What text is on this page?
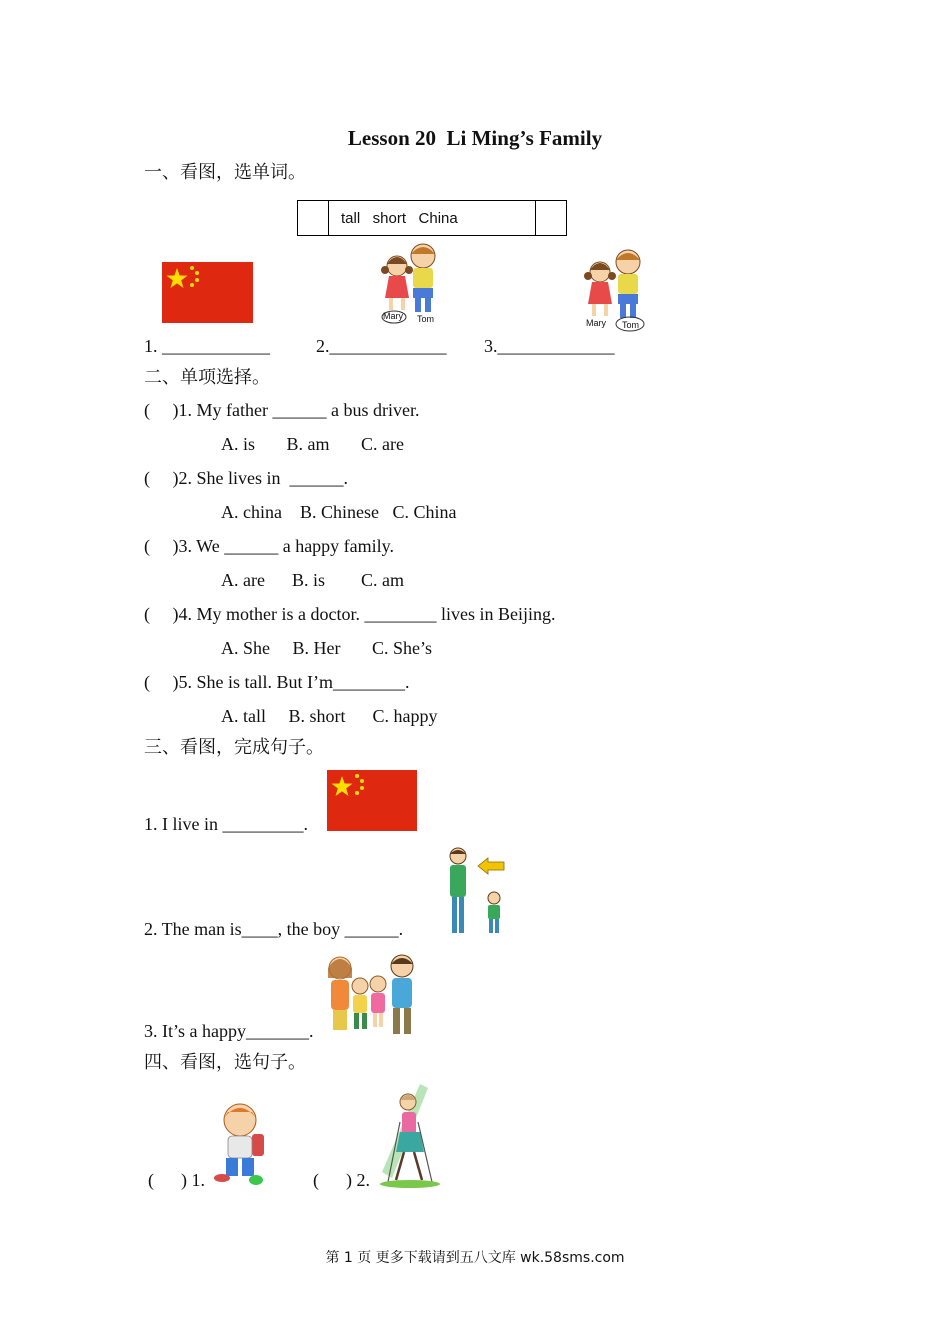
Lesson 20  Li Ming’s Family
一、看图，选单词。
tall   short   China
Mary Tom	Mary Tom
1. ____________	2._____________ 3._____________
二、单项选择。
(     )1. My father ______ a bus driver.
A. is       B. am       C. are
(     )2. She lives in  ______.
A. china    B. Chinese   C. China
(     )3. We ______ a happy family.
A. are      B. is        C. am
(     )4. My mother is a doctor. ________ lives in Beijing.
A. She     B. Her       C. She’s
(     )5. She is tall. But I’m________.
A. tall     B. short      C. happy
三、看图，完成句子。
1. I live in _________.
2. The man is____, the boy ______.
3. It’s a happy_______.
四、看图，选句子。
(      ) 1.	(      ) 2.
第 1 页 更多下载请到五八文库 wk.58sms.com
